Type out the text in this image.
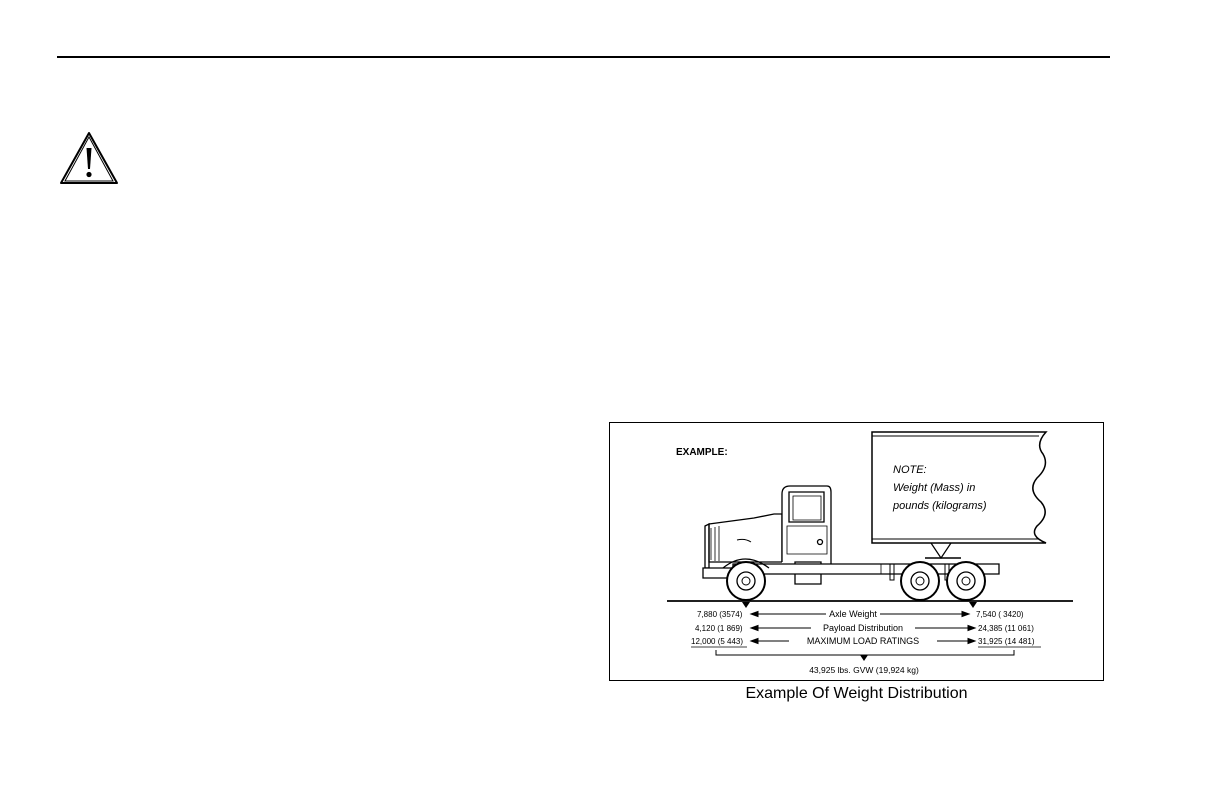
EXAMPLE:
NOTE:
Weight (Mass) in
pounds (kilograms)
7,880 (3574)	Axle Weight	7,540 ( 3420)
4,120 (1 869)	Payload Distribution	24,385 (11 061)
12,000 (5 443)	MAXIMUM LOAD RATINGS	31,925 (14 481)
43,925 lbs. GVW (19,924 kg)
Example Of Weight Distribution
